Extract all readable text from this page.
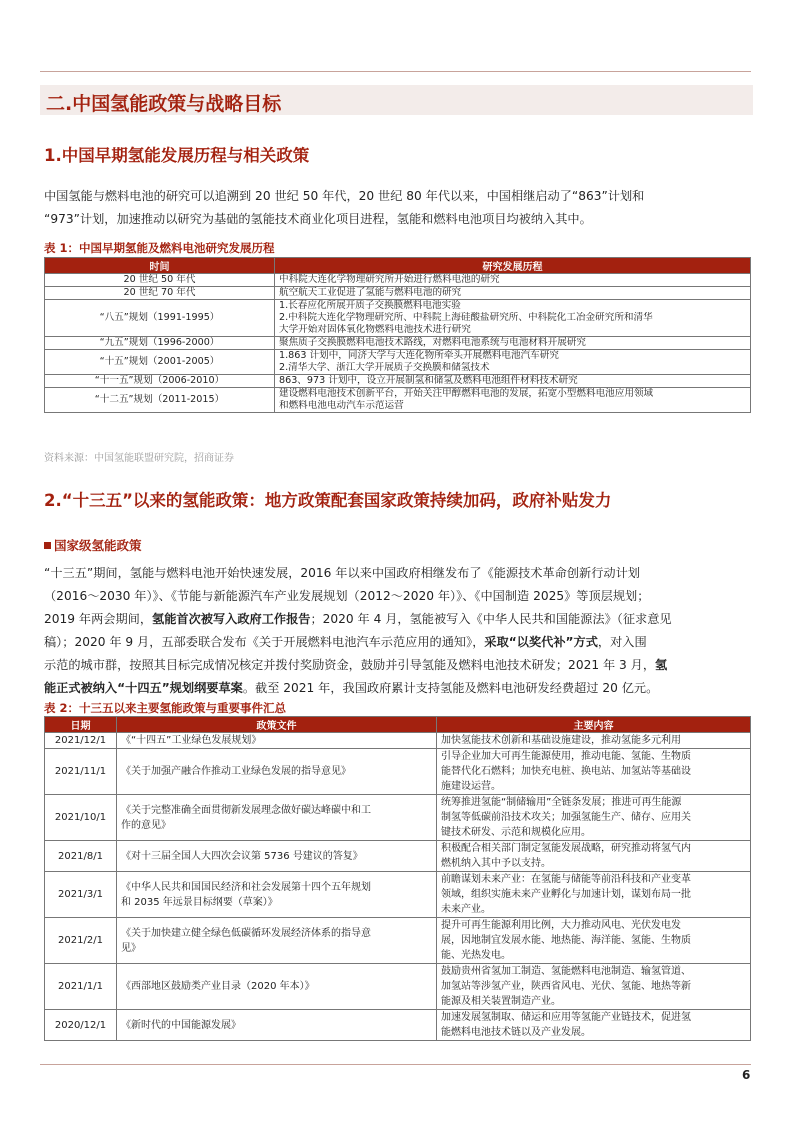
二.中国氢能政策与战略目标
1.中国早期氢能发展历程与相关政策

中国氢能与燃料电池的研究可以追溯到 20 世纪 50 年代，20 世纪 80 年代以来，中国相继启动了“863”计划和

“973”计划，加速推动以研究为基础的氢能技术商业化项目进程，氢能和燃料电池项目均被纳入其中。

表 1：中国早期氢能及燃料电池研究发展历程
时间	研究发展历程
20 世纪 50 年代	中科院大连化学物理研究所开始进行燃料电池的研究

20 世纪 70 年代	航空航天工业促进了氢能与燃料电池的研究

“八五”规划（1991-1995）	1.长春应化所展开质子交换膜燃料电池实验
2.中科院大连化学物理研究所、中科院上海硅酸盐研究所、中科院化工冶金研究所和清华
大学开始对固体氧化物燃料电池技术进行研究

“九五”规划（1996-2000）	聚焦质子交换膜燃料电池技术路线，对燃料电池系统与电池材料开展研究

“十五”规划（2001-2005）	1.863 计划中，同济大学与大连化物所牵头开展燃料电池汽车研究
2.清华大学、浙江大学开展质子交换膜和储氢技术

“十一五”规划（2006-2010）	863、973 计划中，设立开展制氢和储氢及燃料电池组件材料技术研究

“十二五”规划（2011-2015）	建设燃料电池技术创新平台，开始关注甲醇燃料电池的发展，拓宽小型燃料电池应用领域
和燃料电池电动汽车示范运营
资料来源：中国氢能联盟研究院，招商证券
2.“十三五”以来的氢能政策：地方政策配套国家政策持续加码，政府补贴发力
国家级氢能政策

“十三五”期间，氢能与燃料电池开始快速发展，2016 年以来中国政府相继发布了《能源技术革命创新行动计划

（2016～2030 年）》、《节能与新能源汽车产业发展规划（2012～2020 年）》、《中国制造 2025》等顶层规划；

2019 年两会期间，氢能首次被写入政府工作报告；2020 年 4 月，氢能被写入《中华人民共和国能源法》（征求意见

稿）；2020 年 9 月，五部委联合发布《关于开展燃料电池汽车示范应用的通知》，采取“以奖代补”方式，对入围

示范的城市群，按照其目标完成情况核定并拨付奖励资金，鼓励并引导氢能及燃料电池技术研发；2021 年 3 月，氢

能正式被纳入“十四五”规划纲要草案。截至 2021 年，我国政府累计支持氢能及燃料电池研发经费超过 20 亿元。

表 2：十三五以来主要氢能政策与重要事件汇总
日期	政策文件	主要内容
2021/12/1	《“十四五”工业绿色发展规划》	加快氢能技术创新和基础设施建设，推动氢能多元利用

2021/11/1	《关于加强产融合作推动工业绿色发展的指导意见》	引导企业加大可再生能源使用，推动电能、氢能、生物质
能替代化石燃料；加快充电桩、换电站、加氢站等基础设
施建设运营。

2021/10/1	《关于完整准确全面贯彻新发展理念做好碳达峰碳中和工
作的意见》	统筹推进氢能“制储输用”全链条发展；推进可再生能源
制氢等低碳前沿技术攻关；加强氢能生产、储存、应用关
键技术研发、示范和规模化应用。

2021/8/1	《对十三届全国人大四次会议第 5736 号建议的答复》	积极配合相关部门制定氢能发展战略，研究推动将氢气内
燃机纳入其中予以支持。

2021/3/1	《中华人民共和国国民经济和社会发展第十四个五年规划
和 2035 年远景目标纲要（草案）》	前瞻谋划未来产业：在氢能与储能等前沿科技和产业变革
领域，组织实施未来产业孵化与加速计划，谋划布局一批
未来产业。

2021/2/1	《关于加快建立健全绿色低碳循环发展经济体系的指导意
见》	提升可再生能源利用比例，大力推动风电、光伏发电发
展，因地制宜发展水能、地热能、海洋能、氢能、生物质
能、光热发电。

2021/1/1	《西部地区鼓励类产业目录（2020 年本）》	鼓励贵州省氢加工制造、氢能燃料电池制造、输氢管道、
加氢站等涉氢产业，陕西省风电、光伏、氢能、地热等新
能源及相关装置制造产业。

2020/12/1	《新时代的中国能源发展》	加速发展氢制取、储运和应用等氢能产业链技术，促进氢
能燃料电池技术链以及产业发展。
6
